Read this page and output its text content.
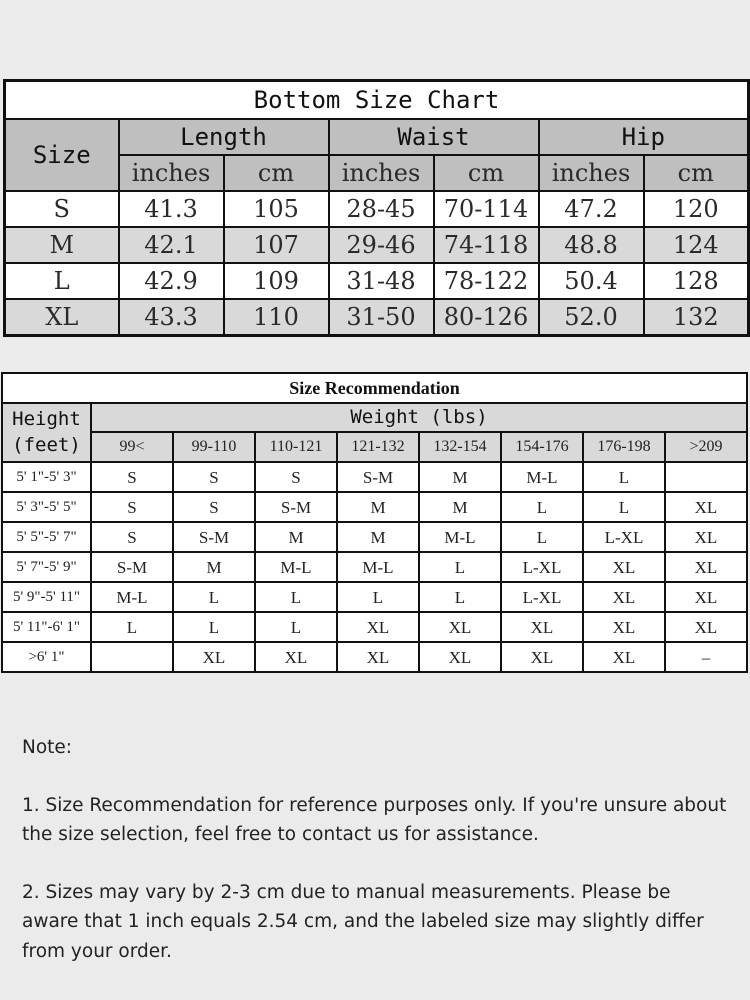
Bottom Size Chart						
Size	Length		Waist		Hip	
	inches	cm	inches	cm	inches	cm
S	41.3	105	28-45	70-114	47.2	120
M	42.1	107	29-46	74-118	48.8	124
L	42.9	109	31-48	78-122	50.4	128
XL	43.3	110	31-50	80-126	52.0	132
Size Recommendation								
Height
(feet)	Weight (lbs)							
	99<	99-110	110-121	121-132	132-154	154-176	176-198	>209
5' 1"-5' 3"	S	S	S	S-M	M	M-L	L	
5' 3"-5' 5"	S	S	S-M	M	M	L	L	XL
5' 5"-5' 7"	S	S-M	M	M	M-L	L	L-XL	XL
5' 7"-5' 9"	S-M	M	M-L	M-L	L	L-XL	XL	XL
5' 9"-5' 11"	M-L	L	L	L	L	L-XL	XL	XL
5' 11"-6' 1"	L	L	L	XL	XL	XL	XL	XL
>6' 1"		XL	XL	XL	XL	XL	XL	–

Note:

1. Size Recommendation for reference purposes only. If you're unsure about the size selection, feel free to contact us for assistance.

2. Sizes may vary by 2-3 cm due to manual measurements. Please be aware that 1 inch equals 2.54 cm, and the labeled size may slightly differ from your order.
